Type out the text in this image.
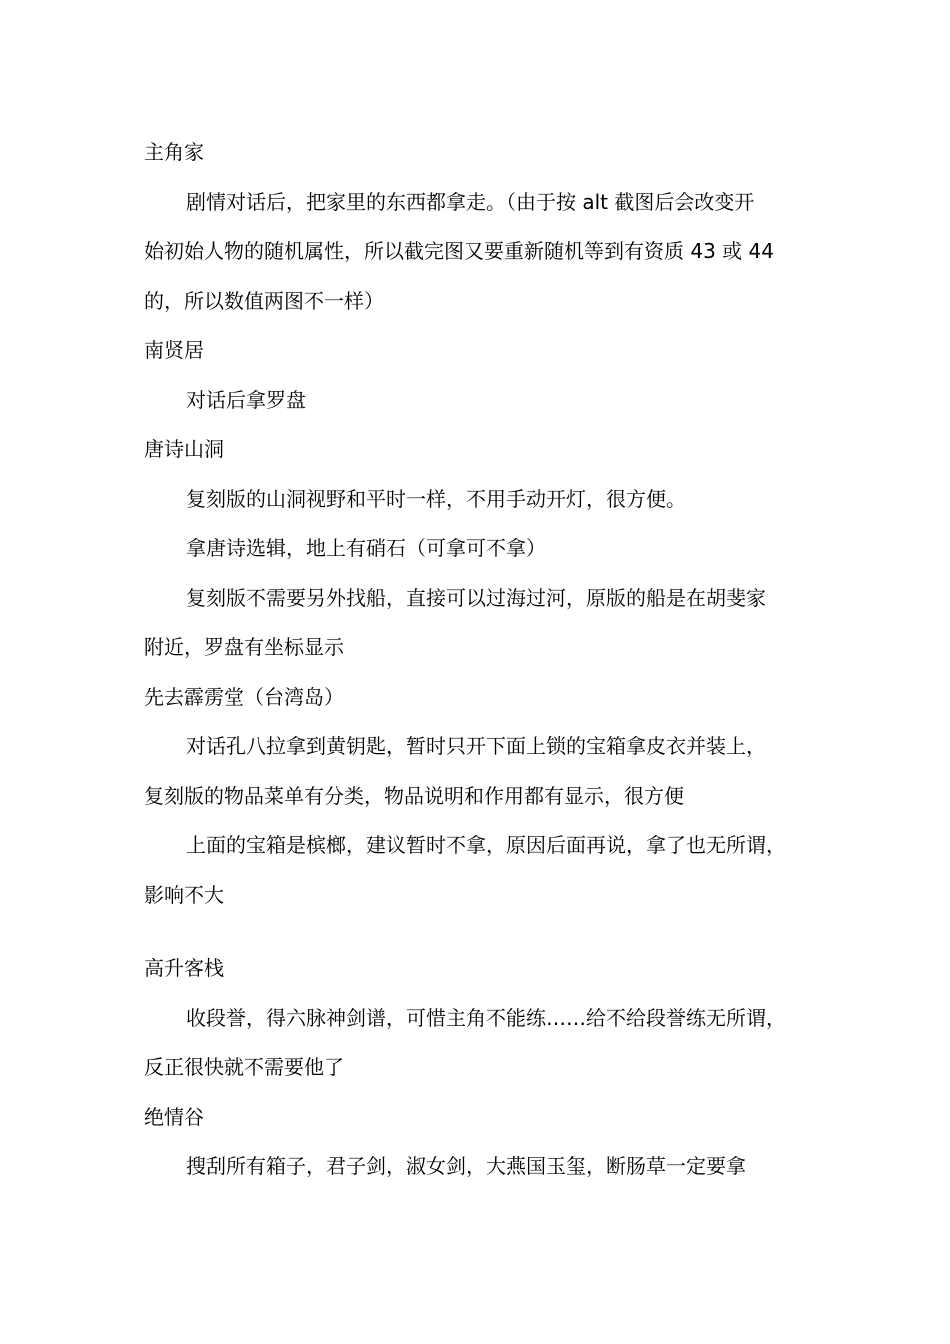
主角家
剧情对话后，把家里的东西都拿走。（由于按 alt 截图后会改变开
始初始人物的随机属性，所以截完图又要重新随机等到有资质 43 或 44
的，所以数值两图不一样）
南贤居
对话后拿罗盘
唐诗山洞
复刻版的山洞视野和平时一样，不用手动开灯，很方便。
拿唐诗选辑，地上有硝石（可拿可不拿）
复刻版不需要另外找船，直接可以过海过河，原版的船是在胡斐家
附近，罗盘有坐标显示
先去霹雳堂（台湾岛）
对话孔八拉拿到黄钥匙，暂时只开下面上锁的宝箱拿皮衣并装上，
复刻版的物品菜单有分类，物品说明和作用都有显示，很方便
上面的宝箱是槟榔，建议暂时不拿，原因后面再说，拿了也无所谓，
影响不大
高升客栈
收段誉，得六脉神剑谱，可惜主角不能练……给不给段誉练无所谓，
反正很快就不需要他了
绝情谷
搜刮所有箱子，君子剑，淑女剑，大燕国玉玺，断肠草一定要拿
